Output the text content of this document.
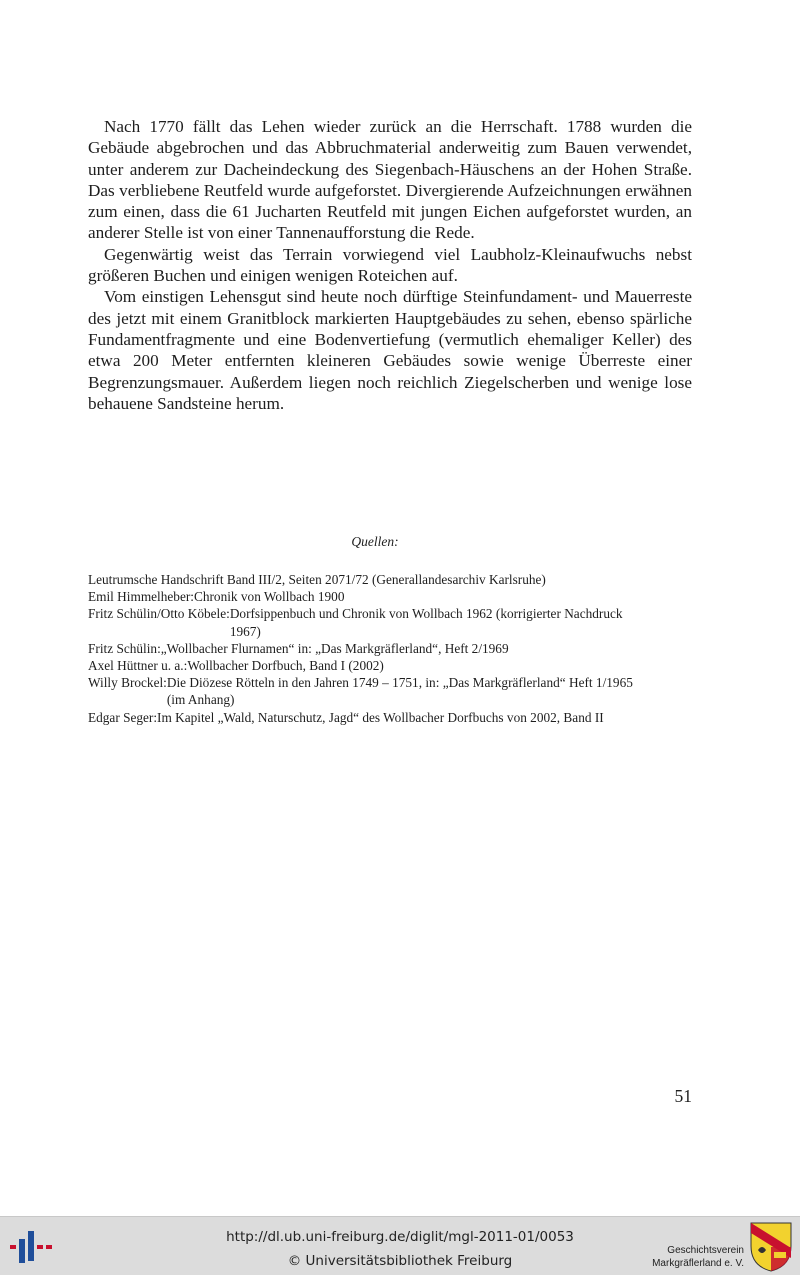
Nach 1770 fällt das Lehen wieder zurück an die Herrschaft. 1788 wurden die Gebäude abgebrochen und das Abbruchmaterial anderweitig zum Bauen verwendet, unter anderem zur Dacheindeckung des Siegenbach-Häuschens an der Hohen Straße. Das verbliebene Reutfeld wurde aufgeforstet. Divergierende Aufzeichnungen erwähnen zum einen, dass die 61 Jucharten Reutfeld mit jungen Eichen aufgeforstet wurden, an anderer Stelle ist von einer Tannenaufforstung die Rede.

Gegenwärtig weist das Terrain vorwiegend viel Laubholz-Kleinaufwuchs nebst größeren Buchen und einigen wenigen Roteichen auf.

Vom einstigen Lehensgut sind heute noch dürftige Steinfundament- und Mauerreste des jetzt mit einem Granitblock markierten Hauptgebäudes zu sehen, ebenso spärliche Fundamentfragmente und eine Bodenvertiefung (vermutlich ehemaliger Keller) des etwa 200 Meter entfernten kleineren Gebäudes sowie wenige Überreste einer Begrenzungsmauer. Außerdem liegen noch reichlich Ziegelscherben und wenige lose behauene Sandsteine herum.

Quellen:
Leutrumsche Handschrift Band III/2, Seiten 2071/72 (Generallandesarchiv Karlsruhe)
Emil Himmelheber: Chronik von Wollbach 1900
Fritz Schülin/Otto Köbele: Dorfsippenbuch und Chronik von Wollbach 1962 (korrigierter Nachdruck
1967)
Fritz Schülin: „Wollbacher Flurnamen“ in: „Das Markgräflerland“, Heft 2/1969
Axel Hüttner u. a.: Wollbacher Dorfbuch, Band I (2002)
Willy Brockel: Die Diözese Rötteln in den Jahren 1749 – 1751, in: „Das Markgräflerland“ Heft 1/1965
(im Anhang)
Edgar Seger: Im Kapitel „Wald, Naturschutz, Jagd“ des Wollbacher Dorfbuchs von 2002, Band II
51
http://dl.ub.uni-freiburg.de/diglit/mgl-2011-01/0053
© Universitätsbibliothek Freiburg
Geschichtsverein
Markgräflerland e. V.
